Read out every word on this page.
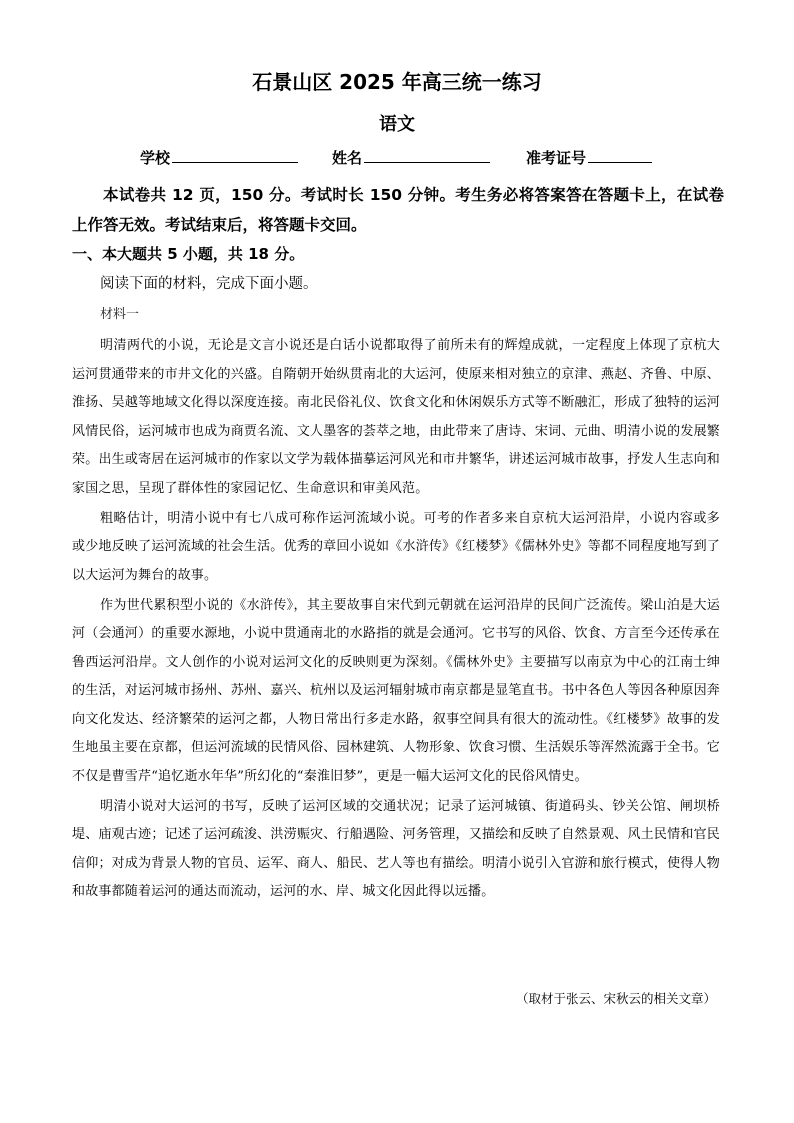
石景山区 2025 年高三统一练习
语文
学校	姓名	准考证号
本试卷共 12 页，150 分。考试时长 150 分钟。考生务必将答案答在答题卡上，在试卷上作答无效。考试结束后，将答题卡交回。
一、本大题共 5 小题，共 18 分。
阅读下面的材料，完成下面小题。
材料一

明清两代的小说，无论是文言小说还是白话小说都取得了前所未有的辉煌成就，一定程度上体现了京杭大运河贯通带来的市井文化的兴盛。自隋朝开始纵贯南北的大运河，使原来相对独立的京津、燕赵、齐鲁、中原、淮扬、吴越等地域文化得以深度连接。南北民俗礼仪、饮食文化和休闲娱乐方式等不断融汇，形成了独特的运河风情民俗，运河城市也成为商贾名流、文人墨客的荟萃之地，由此带来了唐诗、宋词、元曲、明清小说的发展繁荣。出生或寄居在运河城市的作家以文学为载体描摹运河风光和市井繁华，讲述运河城市故事，抒发人生志向和家国之思，呈现了群体性的家园记忆、生命意识和审美风范。

粗略估计，明清小说中有七八成可称作运河流域小说。可考的作者多来自京杭大运河沿岸，小说内容或多或少地反映了运河流域的社会生活。优秀的章回小说如《水浒传》《红楼梦》《儒林外史》等都不同程度地写到了以大运河为舞台的故事。

作为世代累积型小说的《水浒传》，其主要故事自宋代到元朝就在运河沿岸的民间广泛流传。梁山泊是大运河（会通河）的重要水源地，小说中贯通南北的水路指的就是会通河。它书写的风俗、饮食、方言至今还传承在鲁西运河沿岸。文人创作的小说对运河文化的反映则更为深刻。《儒林外史》主要描写以南京为中心的江南士绅的生活，对运河城市扬州、苏州、嘉兴、杭州以及运河辐射城市南京都是显笔直书。书中各色人等因各种原因奔向文化发达、经济繁荣的运河之都，人物日常出行多走水路，叙事空间具有很大的流动性。《红楼梦》故事的发生地虽主要在京都，但运河流域的民情风俗、园林建筑、人物形象、饮食习惯、生活娱乐等浑然流露于全书。它不仅是曹雪芹“追忆逝水年华”所幻化的“秦淮旧梦”，更是一幅大运河文化的民俗风情史。

明清小说对大运河的书写，反映了运河区域的交通状况；记录了运河城镇、街道码头、钞关公馆、闸坝桥堤、庙观古迹；记述了运河疏浚、洪涝赈灾、行船遇险、河务管理，又描绘和反映了自然景观、风土民情和官民信仰；对成为背景人物的官员、运军、商人、船民、艺人等也有描绘。明清小说引入官游和旅行模式，使得人物和故事都随着运河的通达而流动，运河的水、岸、城文化因此得以远播。

（取材于张云、宋秋云的相关文章）
